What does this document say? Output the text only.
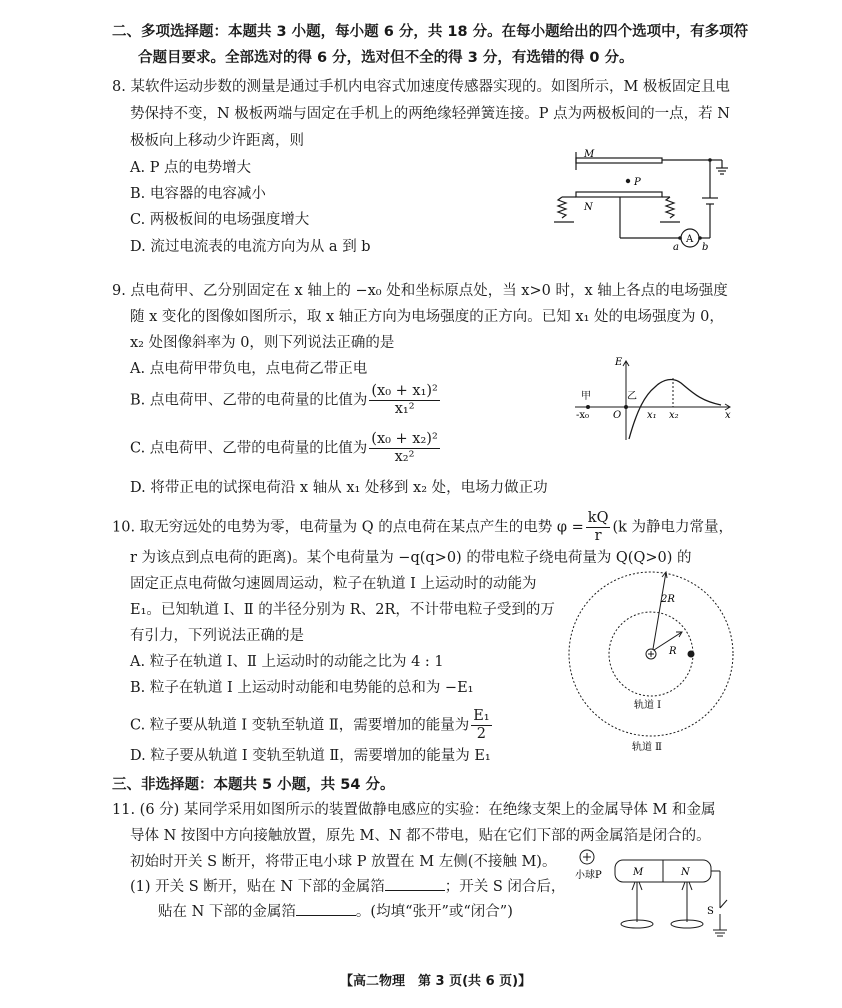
二、多项选择题：本题共 3 小题，每小题 6 分，共 18 分。在每小题给出的四个选项中，有多项符
合题目要求。全部选对的得 6 分，选对但不全的得 3 分，有选错的得 0 分。
8. 某软件运动步数的测量是通过手机内电容式加速度传感器实现的。如图所示，M 极板固定且电
势保持不变，N 极板两端与固定在手机上的两绝缘轻弹簧连接。P 点为两极板间的一点，若 N
极板向上移动少许距离，则
A. P 点的电势增大
B. 电容器的电容减小
C. 两极板间的电场强度增大
D. 流过电流表的电流方向为从 a 到 b
M
P
N
A
a b
9. 点电荷甲、乙分别固定在 x 轴上的 −x₀ 处和坐标原点处，当 x>0 时，x 轴上各点的电场强度
随 x 变化的图像如图所示，取 x 轴正方向为电场强度的正方向。已知 x₁ 处的电场强度为 0，
x₂ 处图像斜率为 0，则下列说法正确的是
A. 点电荷甲带负电，点电荷乙带正电
B. 点电荷甲、乙带的电荷量的比值为 $\frac{\text{(x₀ + x₁)²}}{\text{x₁²}}$
C. 点电荷甲、乙带的电荷量的比值为 $\frac{\text{(x₀ + x₂)²}}{\text{x₂²}}$
D. 将带正电的试探电荷沿 x 轴从 x₁ 处移到 x₂ 处，电场力做正功
E
甲	乙
-x₀ O	x₁ x₂	x
10. 取无穷远处的电势为零，电荷量为 Q 的点电荷在某点产生的电势 $\varphi = \frac{kQ}{r} (k$ 为静电力常量，
r 为该点到点电荷的距离)。某个电荷量为 −q(q>0) 的带电粒子绕电荷量为 Q(Q>0) 的
固定正点电荷做匀速圆周运动，粒子在轨道 Ⅰ 上运动时的动能为
E₁。已知轨道 Ⅰ、Ⅱ 的半径分别为 R、2R，不计带电粒子受到的万
有引力，下列说法正确的是
A. 粒子在轨道 Ⅰ、Ⅱ 上运动时的动能之比为 4 : 1
B. 粒子在轨道 Ⅰ 上运动时动能和电势能的总和为 −E₁
C. 粒子要从轨道 Ⅰ 变轨至轨道 Ⅱ，需要增加的能量为 $\frac{\text{E₁}}{2}$
D. 粒子要从轨道 Ⅰ 变轨至轨道 Ⅱ，需要增加的能量为 E₁
2R
R
轨道 Ⅰ
轨道 Ⅱ
三、非选择题：本题共 5 小题，共 54 分。
11. (6 分) 某同学采用如图所示的装置做静电感应的实验：在绝缘支架上的金属导体 M 和金属
导体 N 按图中方向接触放置，原先 M、N 都不带电，贴在它们下部的两金属箔是闭合的。
初始时开关 S 断开，将带正电小球 P 放置在 M 左侧(不接触 M)。
(1) 开关 S 断开，贴在 N 下部的金属箔	；开关 S 闭合后，
贴在 N 下部的金属箔	。(均填“张开”或“闭合”)
小球P	M	N
S
【高二物理　第 3 页(共 6 页)】
